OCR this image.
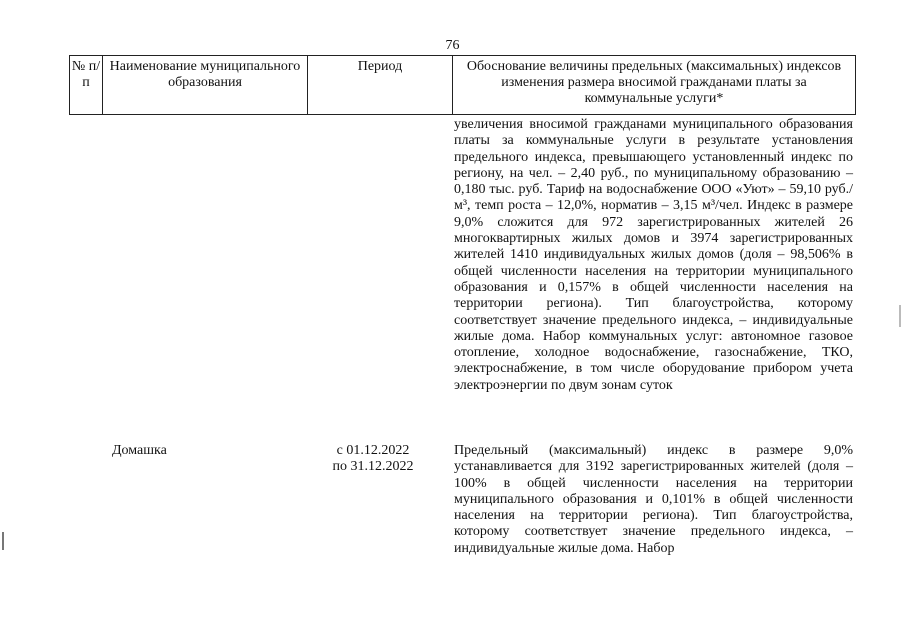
76
№ п/п
Наименование муниципального образования
Период	Обоснование величины предельных (максимальных) индексов изменения размера вносимой гражданами платы за коммунальные услуги*
увеличения вносимой гражданами муниципального образования платы за коммунальные услуги в результате установления предельного индекса, превышающего установленный индекс по региону, на чел. – 2,40 руб., по муниципальному образованию – 0,180 тыс. руб. Тариф на водоснабжение ООО «Уют» – 59,10 руб./м³, темп роста – 12,0%, норматив – 3,15 м³/чел. Индекс в размере 9,0% сложится для 972 зарегистрированных жителей 26 многоквартирных жилых домов и 3974 зарегистрированных жителей 1410 индивидуальных жилых домов (доля – 98,506% в общей численности населения на территории муниципального образования и 0,157% в общей численности населения на территории региона). Тип благоустройства, которому соответствует значение предельного индекса, – индивидуальные жилые дома. Набор коммунальных услуг: автономное газовое отопление, холодное водоснабжение, газоснабжение, ТКО, электроснабжение, в том числе оборудование прибором учета электроэнергии по двум зонам суток
Домашка	с 01.12.2022
по 31.12.2022
Предельный (максимальный) индекс в размере 9,0% устанавливается для 3192 зарегистрированных жителей (доля – 100% в общей численности населения на территории муниципального образования и 0,101% в общей численности населения на территории региона). Тип благоустройства, которому соответствует значение предельного индекса, – индивидуальные жилые дома. Набор
